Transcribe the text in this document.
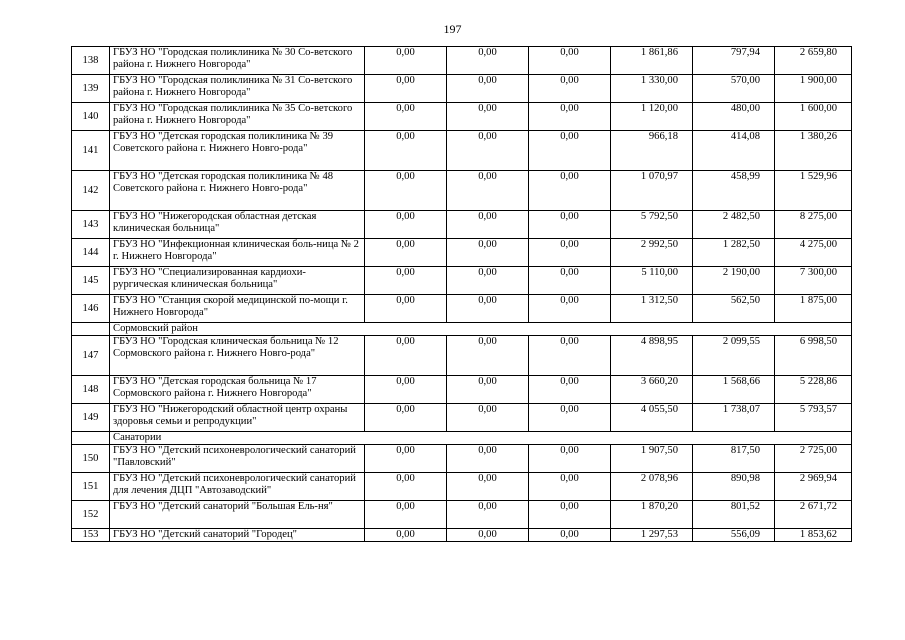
197
138	ГБУЗ НО "Городская поликлиника № 30 Со-ветского района г. Нижнего Новгорода"	0,00	0,00	0,00	1 861,86	797,94	2 659,80
139	ГБУЗ НО "Городская поликлиника № 31 Со-ветского района г. Нижнего Новгорода"	0,00	0,00	0,00	1 330,00	570,00	1 900,00
140	ГБУЗ НО "Городская поликлиника № 35 Со-ветского района г. Нижнего Новгорода"	0,00	0,00	0,00	1 120,00	480,00	1 600,00
141	ГБУЗ НО "Детская городская поликлиника № 39 Советского района г. Нижнего Новго-рода"	0,00	0,00	0,00	966,18	414,08	1 380,26
142	ГБУЗ НО "Детская городская поликлиника № 48 Советского района г. Нижнего Новго-рода"	0,00	0,00	0,00	1 070,97	458,99	1 529,96
143	ГБУЗ НО "Нижегородская областная детская клиническая больница"	0,00	0,00	0,00	5 792,50	2 482,50	8 275,00
144	ГБУЗ НО "Инфекционная клиническая боль-ница № 2 г. Нижнего Новгорода"	0,00	0,00	0,00	2 992,50	1 282,50	4 275,00
145	ГБУЗ НО "Специализированная кардиохи-рургическая клиническая больница"	0,00	0,00	0,00	5 110,00	2 190,00	7 300,00
146	ГБУЗ НО "Станция скорой медицинской по-мощи г. Нижнего Новгорода"	0,00	0,00	0,00	1 312,50	562,50	1 875,00
	Сормовский район						
147	ГБУЗ НО "Городская клиническая больница № 12 Сормовского района г. Нижнего Новго-рода"	0,00	0,00	0,00	4 898,95	2 099,55	6 998,50
148	ГБУЗ НО "Детская городская больница № 17 Сормовского района г. Нижнего Новгорода"	0,00	0,00	0,00	3 660,20	1 568,66	5 228,86
149	ГБУЗ НО "Нижегородский областной центр охраны здоровья семьи и репродукции"	0,00	0,00	0,00	4 055,50	1 738,07	5 793,57
	Санатории						
150	ГБУЗ НО "Детский психоневрологический санаторий "Павловский"	0,00	0,00	0,00	1 907,50	817,50	2 725,00
151	ГБУЗ НО "Детский психоневрологический санаторий для лечения ДЦП "Автозаводский"	0,00	0,00	0,00	2 078,96	890,98	2 969,94
152	ГБУЗ НО "Детский санаторий "Большая Ель-ня"	0,00	0,00	0,00	1 870,20	801,52	2 671,72
153	ГБУЗ НО "Детский санаторий "Городец"	0,00	0,00	0,00	1 297,53	556,09	1 853,62
